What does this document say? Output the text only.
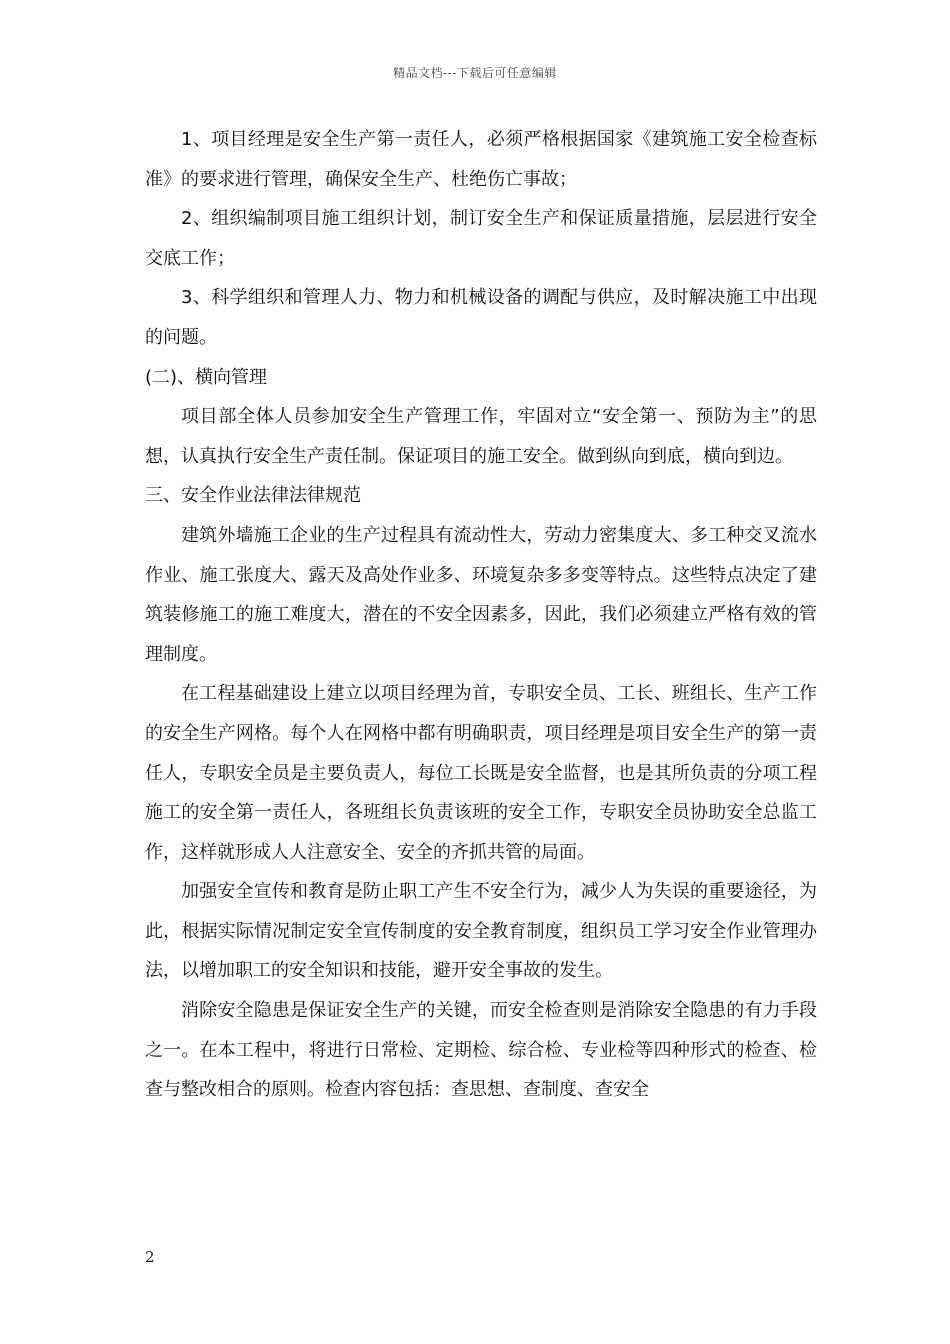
精品文档---下载后可任意编辑

1、项目经理是安全生产第一责任人，必须严格根据国家《建筑施工安全检查标准》的要求进行管理，确保安全生产、杜绝伤亡事故；

2、组织编制项目施工组织计划，制订安全生产和保证质量措施，层层进行安全交底工作；

3、科学组织和管理人力、物力和机械设备的调配与供应，及时解决施工中出现的问题。

(二)、横向管理

项目部全体人员参加安全生产管理工作，牢固对立“安全第一、预防为主”的思想，认真执行安全生产责任制。保证项目的施工安全。做到纵向到底，横向到边。

三、安全作业法律法律规范

建筑外墙施工企业的生产过程具有流动性大，劳动力密集度大、多工种交叉流水作业、施工张度大、露天及高处作业多、环境复杂多多变等特点。这些特点决定了建筑装修施工的施工难度大，潜在的不安全因素多，因此，我们必须建立严格有效的管理制度。

在工程基础建设上建立以项目经理为首，专职安全员、工长、班组长、生产工作的安全生产网格。每个人在网格中都有明确职责，项目经理是项目安全生产的第一责任人，专职安全员是主要负责人，每位工长既是安全监督，也是其所负责的分项工程施工的安全第一责任人，各班组长负责该班的安全工作，专职安全员协助安全总监工作，这样就形成人人注意安全、安全的齐抓共管的局面。

加强安全宣传和教育是防止职工产生不安全行为，减少人为失误的重要途径，为此，根据实际情况制定安全宣传制度的安全教育制度，组织员工学习安全作业管理办法，以增加职工的安全知识和技能，避开安全事故的发生。

消除安全隐患是保证安全生产的关键，而安全检查则是消除安全隐患的有力手段之一。在本工程中，将进行日常检、定期检、综合检、专业检等四种形式的检查、检查与整改相合的原则。检查内容包括：查思想、查制度、查安全

2
